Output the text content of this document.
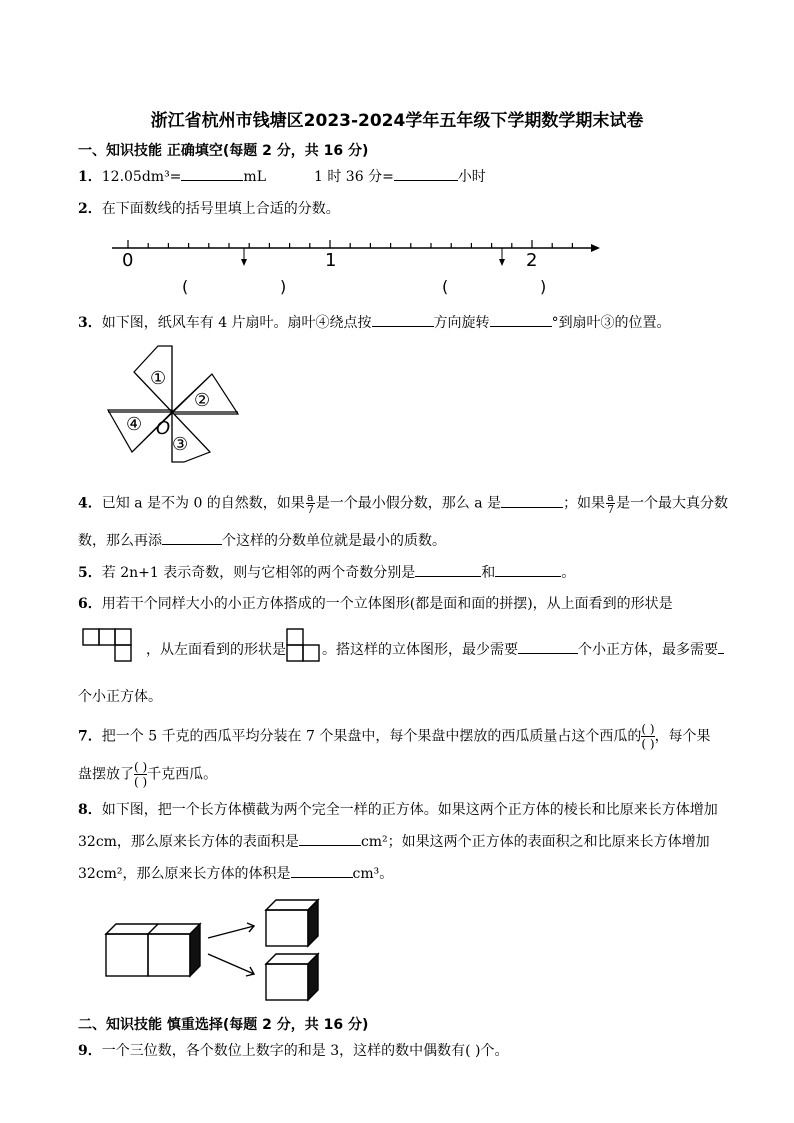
浙江省杭州市钱塘区2023-2024学年五年级下学期数学期末试卷
一、知识技能 正确填空(每题 2 分，共 16 分)
1．12.05dm³=	mL	1 时 36 分=	小时
2．在下面数线的括号里填上合适的分数。
0	1	2
(	)	(	)
3．如下图，纸风车有 4 片扇叶。扇叶④绕点按	方向旋转	°到扇叶③的位置。
①
②
③
④ O
4．已知 a 是不为 0 的自然数，如果 $\frac{a}{7}$ 是一个最小假分数，那么 a 是	；如果 $\frac{a}{7}$ 是一个最大真分数
数，那么再添	个这样的分数单位就是最小的质数。
5．若 2n+1 表示奇数，则与它相邻的两个奇数分别是	和	。
6．用若干个同样大小的小正方体搭成的一个立体图形(都是面和面的拼摆)，从上面看到的形状是
，从左面看到的形状是	。搭这样的立体图形，最少需要	个小正方体，最多需要
个小正方体。
7．把一个 5 千克的西瓜平均分装在 7 个果盘中，每个果盘中摆放的西瓜质量占这个西瓜的 $\frac{( )}{( )}$，每个果
盘摆放了 $\frac{( )}{( )}$千克西瓜。
8．如下图，把一个长方体横截为两个完全一样的正方体。如果这两个正方体的棱长和比原来长方体增加
32cm，那么原来长方体的表面积是	cm²；如果这两个正方体的表面积之和比原来长方体增加
32cm²，那么原来长方体的体积是	cm³。
二、知识技能 慎重选择(每题 2 分，共 16 分)
9．一个三位数，各个数位上数字的和是 3，这样的数中偶数有( )个。
